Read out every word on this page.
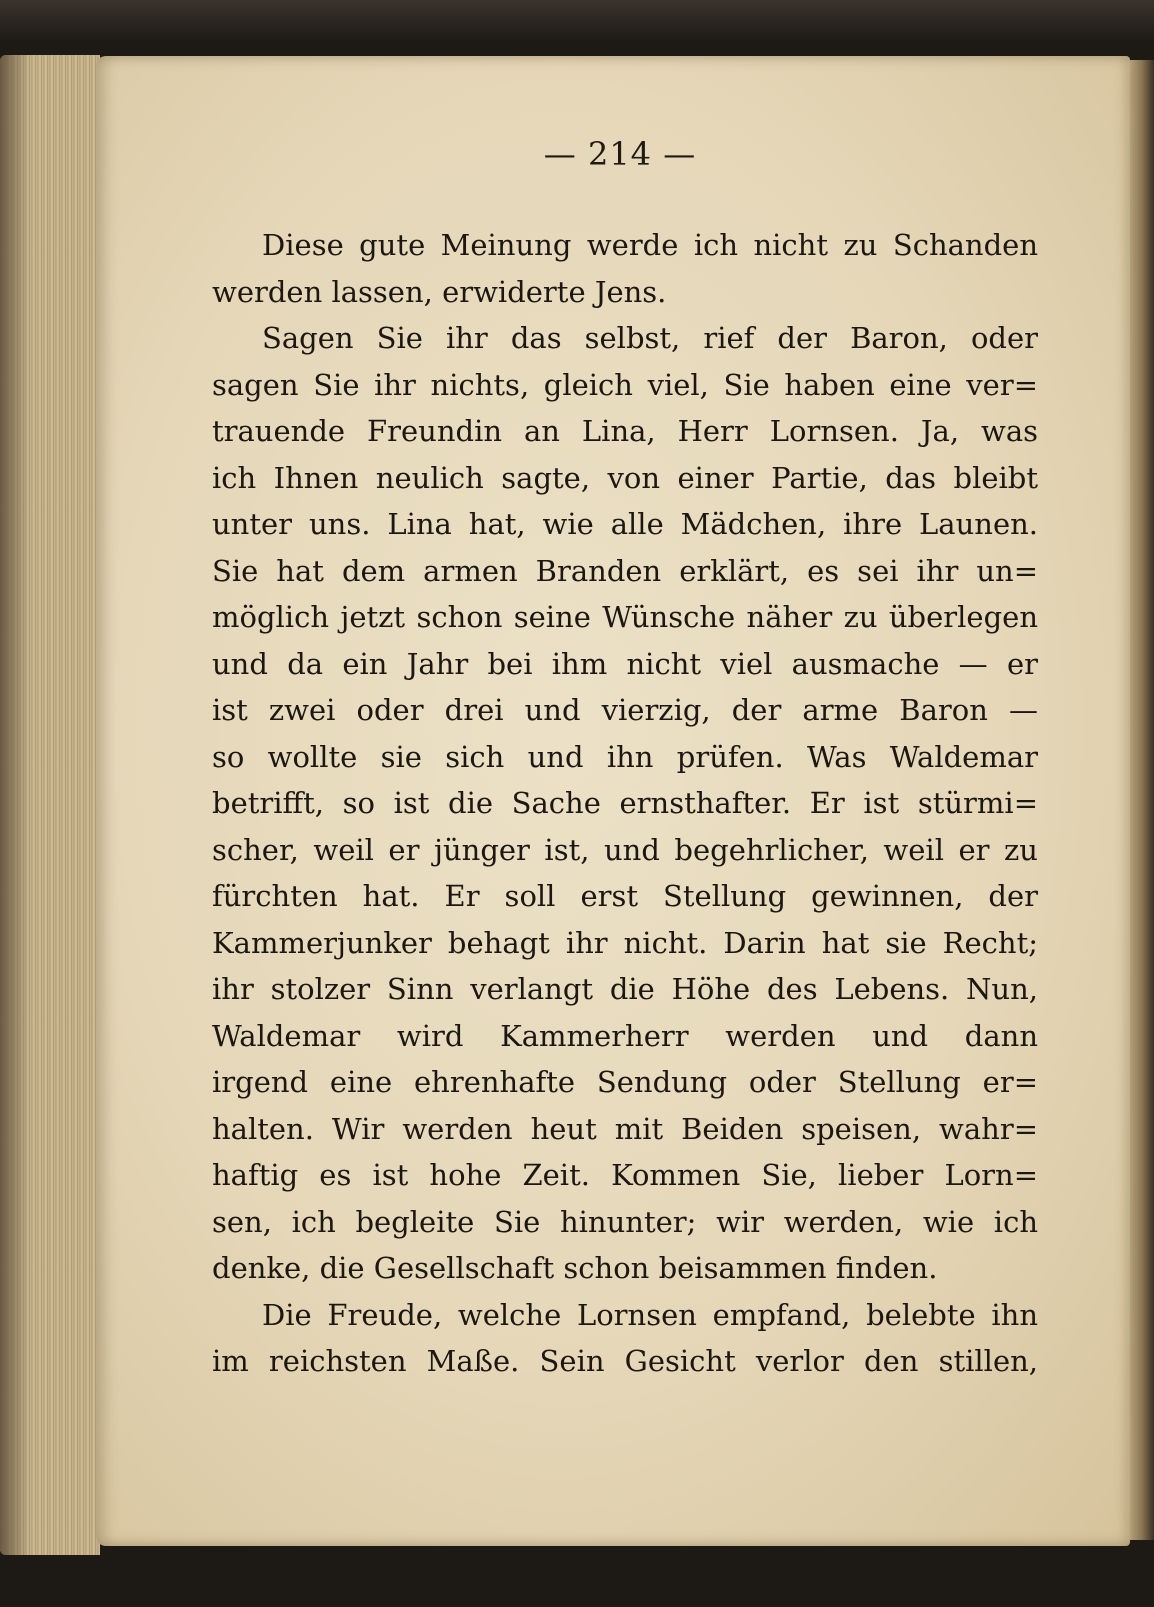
— 214 —
Diese gute Meinung werde ich nicht zu Schanden
werden lassen, erwiderte Jens.
Sagen Sie ihr das selbst, rief der Baron, oder
sagen Sie ihr nichts, gleich viel, Sie haben eine ver=
trauende Freundin an Lina, Herr Lornsen. Ja, was
ich Ihnen neulich sagte, von einer Partie, das bleibt
unter uns. Lina hat, wie alle Mädchen, ihre Launen.
Sie hat dem armen Branden erklärt, es sei ihr un=
möglich jetzt schon seine Wünsche näher zu überlegen
und da ein Jahr bei ihm nicht viel ausmache — er
ist zwei oder drei und vierzig, der arme Baron —
so wollte sie sich und ihn prüfen. Was Waldemar
betrifft, so ist die Sache ernsthafter. Er ist stürmi=
scher, weil er jünger ist, und begehrlicher, weil er zu
fürchten hat. Er soll erst Stellung gewinnen, der
Kammerjunker behagt ihr nicht. Darin hat sie Recht;
ihr stolzer Sinn verlangt die Höhe des Lebens. Nun,
Waldemar wird Kammerherr werden und dann
irgend eine ehrenhafte Sendung oder Stellung er=
halten. Wir werden heut mit Beiden speisen, wahr=
haftig es ist hohe Zeit. Kommen Sie, lieber Lorn=
sen, ich begleite Sie hinunter; wir werden, wie ich
denke, die Gesellschaft schon beisammen finden.
Die Freude, welche Lornsen empfand, belebte ihn
im reichsten Maße. Sein Gesicht verlor den stillen,
